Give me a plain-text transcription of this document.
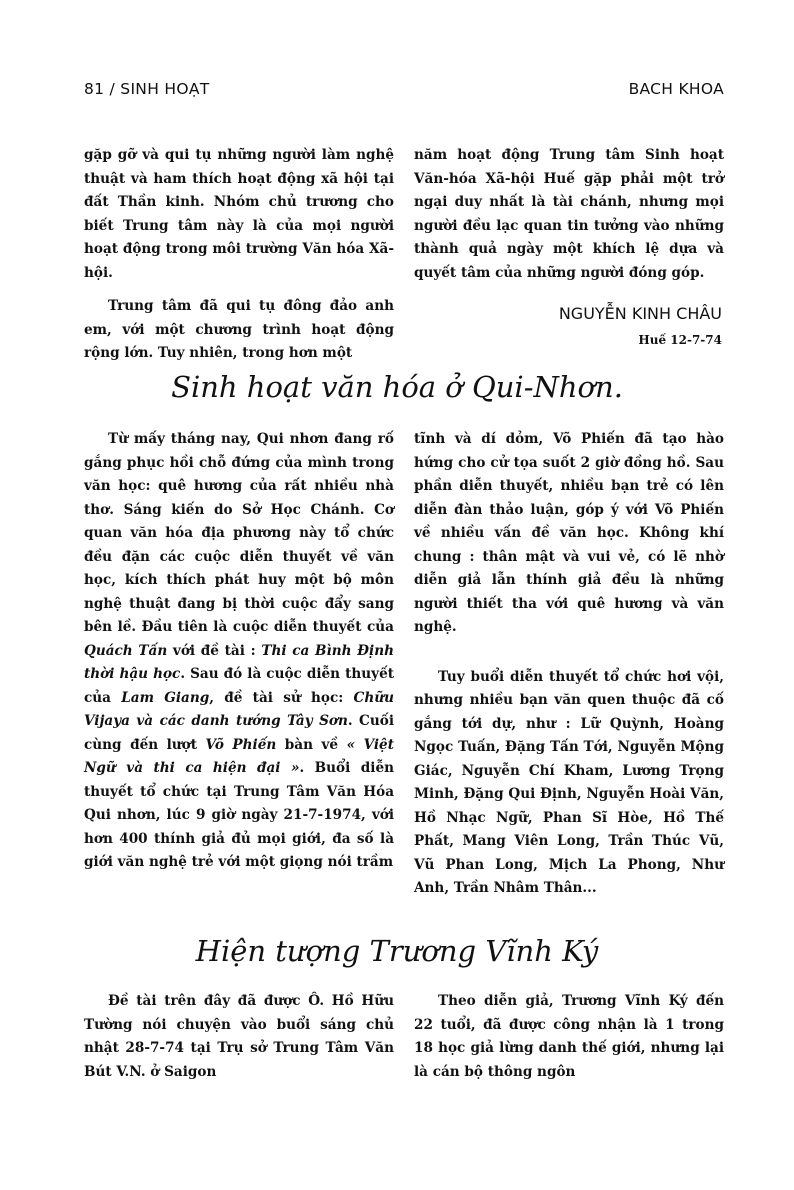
81 / SINH HOẠT	BACH KHOA

gặp gỡ và qui tụ những người làm nghệ thuật và ham thích hoạt động xã hội tại đất Thần kinh. Nhóm chủ trương cho biết Trung tâm này là của mọi người hoạt động trong môi trường Văn hóa Xã-hội.

Trung tâm đã qui tụ đông đảo anh em, với một chương trình hoạt động rộng lớn. Tuy nhiên, trong hơn một

năm hoạt động Trung tâm Sinh hoạt Văn-hóa Xã-hội Huế gặp phải một trở ngại duy nhất là tài chánh, nhưng mọi người đều lạc quan tin tưởng vào những thành quả ngày một khích lệ dựa và quyết tâm của những người đóng góp.

NGUYỄN KINH CHÂU
Huế 12-7-74
Sinh hoạt văn hóa ở Qui-Nhơn.

Từ mấy tháng nay, Qui nhơn đang rố gắng phục hồi chỗ đứng của mình trong văn học: quê hương của rất nhiều nhà thơ. Sáng kiến do Sở Học Chánh. Cơ quan văn hóa địa phương này tổ chức đều đặn các cuộc diễn thuyết về văn học, kích thích phát huy một bộ môn nghệ thuật đang bị thời cuộc đẩy sang bên lề. Đầu tiên là cuộc diễn thuyết của Quách Tấn với đề tài : Thi ca Bình Định thời hậu học. Sau đó là cuộc diễn thuyết của Lam Giang, đề tài sử học: Chữu Vijaya và các danh tướng Tây Sơn. Cuối cùng đến lượt Võ Phiến bàn về « Việt Ngữ và thi ca hiện đại ». Buổi diễn thuyết tổ chức tại Trung Tâm Văn Hóa Qui nhơn, lúc 9 giờ ngày 21-7-1974, với hơn 400 thính giả đủ mọi giới, đa số là giới văn nghệ trẻ với một giọng nói trầm

tĩnh và dí dỏm, Võ Phiến đã tạo hào hứng cho cử tọa suốt 2 giờ đồng hồ. Sau phần diễn thuyết, nhiều bạn trẻ có lên diễn đàn thảo luận, góp ý với Võ Phiến về nhiều vấn đề văn học. Không khí chung : thân mật và vui vẻ, có lẽ nhờ diễn giả lẫn thính giả đều là những người thiết tha với quê hương và văn nghệ.

Tuy buổi diễn thuyết tổ chức hơi vội, nhưng nhiều bạn văn quen thuộc đã cố gắng tới dự, như : Lữ Quỳnh, Hoàng Ngọc Tuấn, Đặng Tấn Tới, Nguyễn Mộng Giác, Nguyễn Chí Kham, Lương Trọng Minh, Đặng Qui Định, Nguyễn Hoài Văn, Hồ Nhạc Ngữ, Phan Sĩ Hòe, Hồ Thế Phất, Mang Viên Long, Trần Thúc Vũ, Vũ Phan Long, Mịch La Phong, Như Anh, Trần Nhâm Thân...

Hiện tượng Trương Vĩnh Ký

Đề tài trên đây đã được Ô. Hồ Hữu Tường nói chuyện vào buổi sáng chủ nhật 28-7-74 tại Trụ sở Trung Tâm Văn Bút V.N. ở Saigon

Theo diễn giả, Trương Vĩnh Ký đến 22 tuổi, đã được công nhận là 1 trong 18 học giả lừng danh thế giới, nhưng lại là cán bộ thông ngôn
